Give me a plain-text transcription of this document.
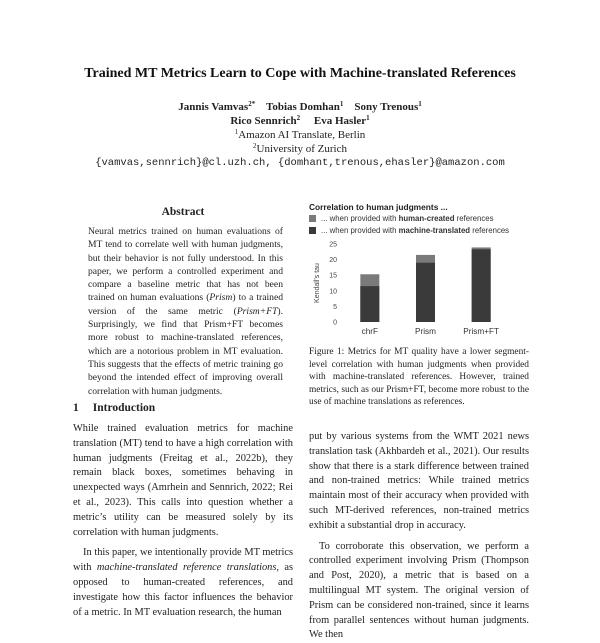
Trained MT Metrics Learn to Cope with Machine-translated References
Jannis Vamvas$^{2*}$ Tobias Domhan$^1$ Sony Trenous$^1$
Rico Sennrich$^2$ Eva Hasler$^1$
$^1$Amazon AI Translate, Berlin
$^2$University of Zurich
{vamvas,sennrich}@cl.uzh.ch, {domhant,trenous,ehasler}@amazon.com
Abstract
Neural metrics trained on human evaluations of MT tend to correlate well with human judgments, but their behavior is not fully understood. In this paper, we perform a controlled experiment and compare a baseline metric that has not been trained on human evaluations (Prism) to a trained version of the same metric (Prism+FT). Surprisingly, we find that Prism+FT becomes more robust to machine-translated references, which are a notorious problem in MT evaluation. This suggests that the effects of metric training go beyond the intended effect of improving overall correlation with human judgments.
1 Introduction

While trained evaluation metrics for machine translation (MT) tend to have a high correlation with human judgments (Freitag et al., 2022b), they remain black boxes, sometimes behaving in unexpected ways (Amrhein and Sennrich, 2022; Rei et al., 2023). This calls into question whether a metric’s utility can be measured solely by its correlation with human judgments.

In this paper, we intentionally provide MT metrics with machine-translated reference translations, as opposed to human-created references, and investigate how this factor influences the behavior of a metric. In MT evaluation research, the human

put by various systems from the WMT 2021 news translation task (Akhbardeh et al., 2021). Our results show that there is a stark difference between trained and non-trained metrics: While trained metrics maintain most of their accuracy when provided with such MT-derived references, non-trained metrics exhibit a substantial drop in accuracy.

To corroborate this observation, we perform a controlled experiment involving Prism (Thompson and Post, 2020), a metric that is based on a multilingual MT system. The original version of Prism can be considered non-trained, since it learns from parallel sentences without human judgments. We then

Correlation to human judgments ...
... when provided with human-created references
... when provided with machine-translated references
0
5
10
15
20
25
Kendall's tau
chrF	Prism	Prism+FT
Figure 1: Metrics for MT quality have a lower segment-level correlation with human judgments when provided with machine-translated references. However, trained metrics, such as our Prism+FT, become more robust to the use of machine translations as references.
